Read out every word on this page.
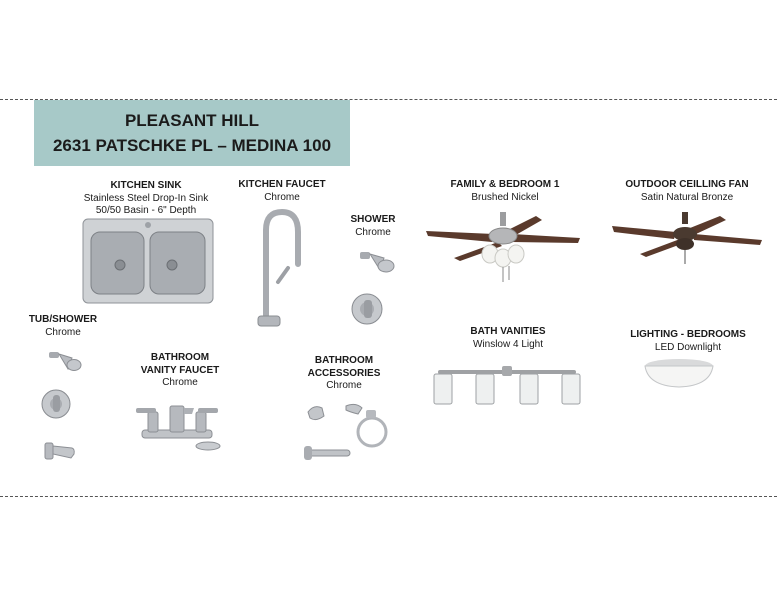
PLEASANT HILL
2631 PATSCHKE PL – MEDINA 100
KITCHEN SINK
Stainless Steel Drop-In Sink
50/50 Basin - 6" Depth
KITCHEN FAUCET
Chrome
SHOWER
Chrome
FAMILY & BEDROOM 1
Brushed Nickel
OUTDOOR CEILLING FAN
Satin Natural Bronze
TUB/SHOWER
Chrome
BATHROOM
VANITY FAUCET
Chrome
BATHROOM
ACCESSORIES
Chrome
BATH VANITIES
Winslow 4 Light
LIGHTING - BEDROOMS
LED Downlight
